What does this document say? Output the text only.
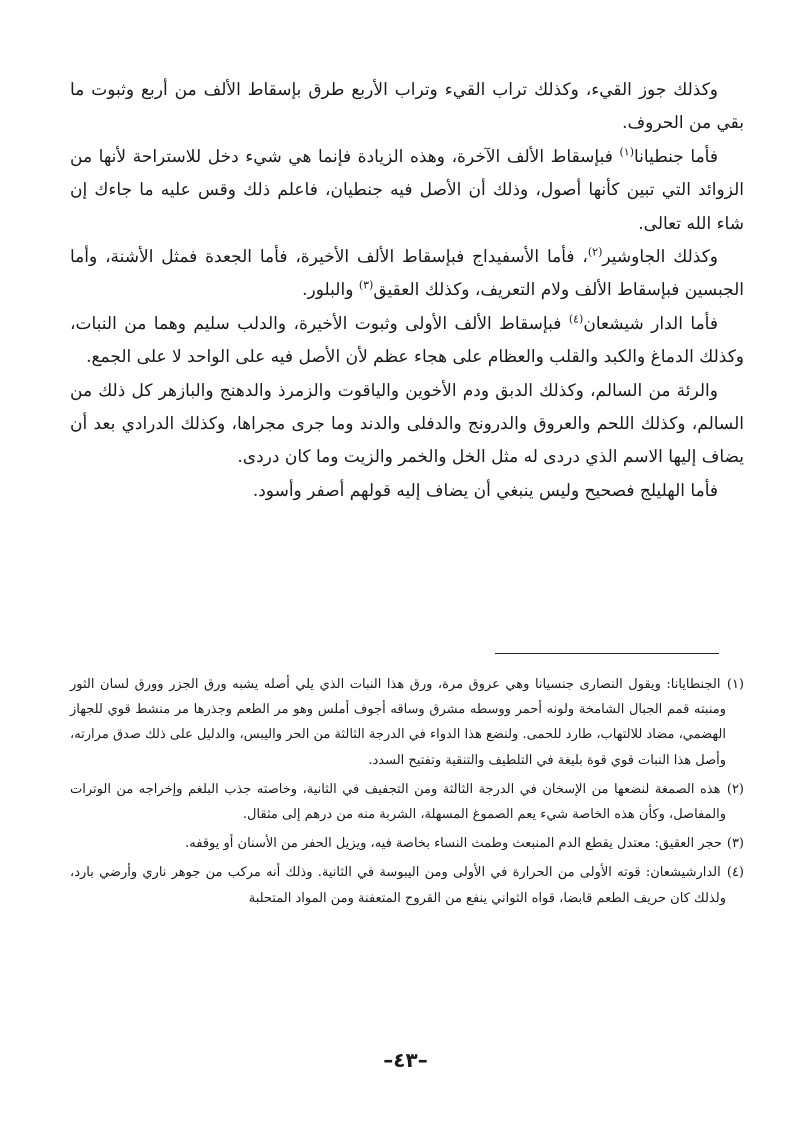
وكذلك جوز القيء، وكذلك تراب القيء وتراب الأربع طرق بإسقاط الألف من أربع وثبوت ما بقي من الحروف.

فأما جنطيانا$^{(١)}$ فبإسقاط الألف الآخرة، وهذه الزيادة فإنما هي شيء دخل للاستراحة لأنها من الزوائد التي تبين كأنها أصول، وذلك أن الأصل فيه جنطيان، فاعلم ذلك وقس عليه ما جاءك إن شاء الله تعالى.

وكذلك الجاوشير$^{(٢)}$، فأما الأسفيداج فبإسقاط الألف الأخيرة، فأما الجعدة فمثل الأشنة، وأما الجبسين فبإسقاط الألف ولام التعريف، وكذلك العقيق$^{(٣)}$ والبلور.

فأما الدار شيشعان$^{(٤)}$ فبإسقاط الألف الأولى وثبوت الأخيرة، والدلب سليم وهما من النبات، وكذلك الدماغ والكبد والقلب والعظام على هجاء عظم لأن الأصل فيه على الواحد لا على الجمع.

والرئة من السالم، وكذلك الدبق ودم الأخوين والياقوت والزمرذ والدهنج والبازهر كل ذلك من السالم، وكذلك اللحم والعروق والدرونج والدفلى والدند وما جرى مجراها، وكذلك الدرادي بعد أن يضاف إليها الاسم الذي دردى له مثل الخل والخمر والزيت وما كان دردى.

فأما الهليلج فصحيح وليس ينبغي أن يضاف إليه قولهم أصفر وأسود.

(١) الجنطايانا: ويقول النصارى جنسيانا وهي عروق مرة، ورق هذا النبات الذي يلي أصله يشبه ورق الجزر وورق لسان الثور ومنبته قمم الجبال الشامخة ولونه أحمر ووسطه مشرق وساقه أجوف أملس وهو مر الطعم وجذرها مر منشط قوي للجهاز الهضمي، مضاد للالتهاب، طارد للحمى. ولنضع هذا الدواء في الدرجة الثالثة من الحر واليبس، والدليل على ذلك صدق مرارته، وأصل هذا النبات قوي قوة بليغة في التلطيف والتنقية وتفتيح السدد.

(٢) هذه الصمغة لنضعها من الإسخان في الدرجة الثالثة ومن التجفيف في الثانية، وخاصته جذب البلغم وإخراجه من الوترات والمفاصل، وكأن هذه الخاصة شيء يعم الصموغ المسهلة، الشربة منه من درهم إلى مثقال.

(٣) حجر العقيق: معتدل يقطع الدم المنبعث وطمث النساء بخاصة فيه، ويزيل الحفر من الأسنان أو يوقفه.

(٤) الدارشيشعان: قوته الأولى من الحرارة في الأولى ومن اليبوسة في الثانية. وذلك أنه مركب من جوهر ناري وأرضي بارد، ولذلك كان حريف الطعم قابضا، قواه الثواني ينفع من القروح المتعفنة ومن المواد المتحلبة

–٤٣–
